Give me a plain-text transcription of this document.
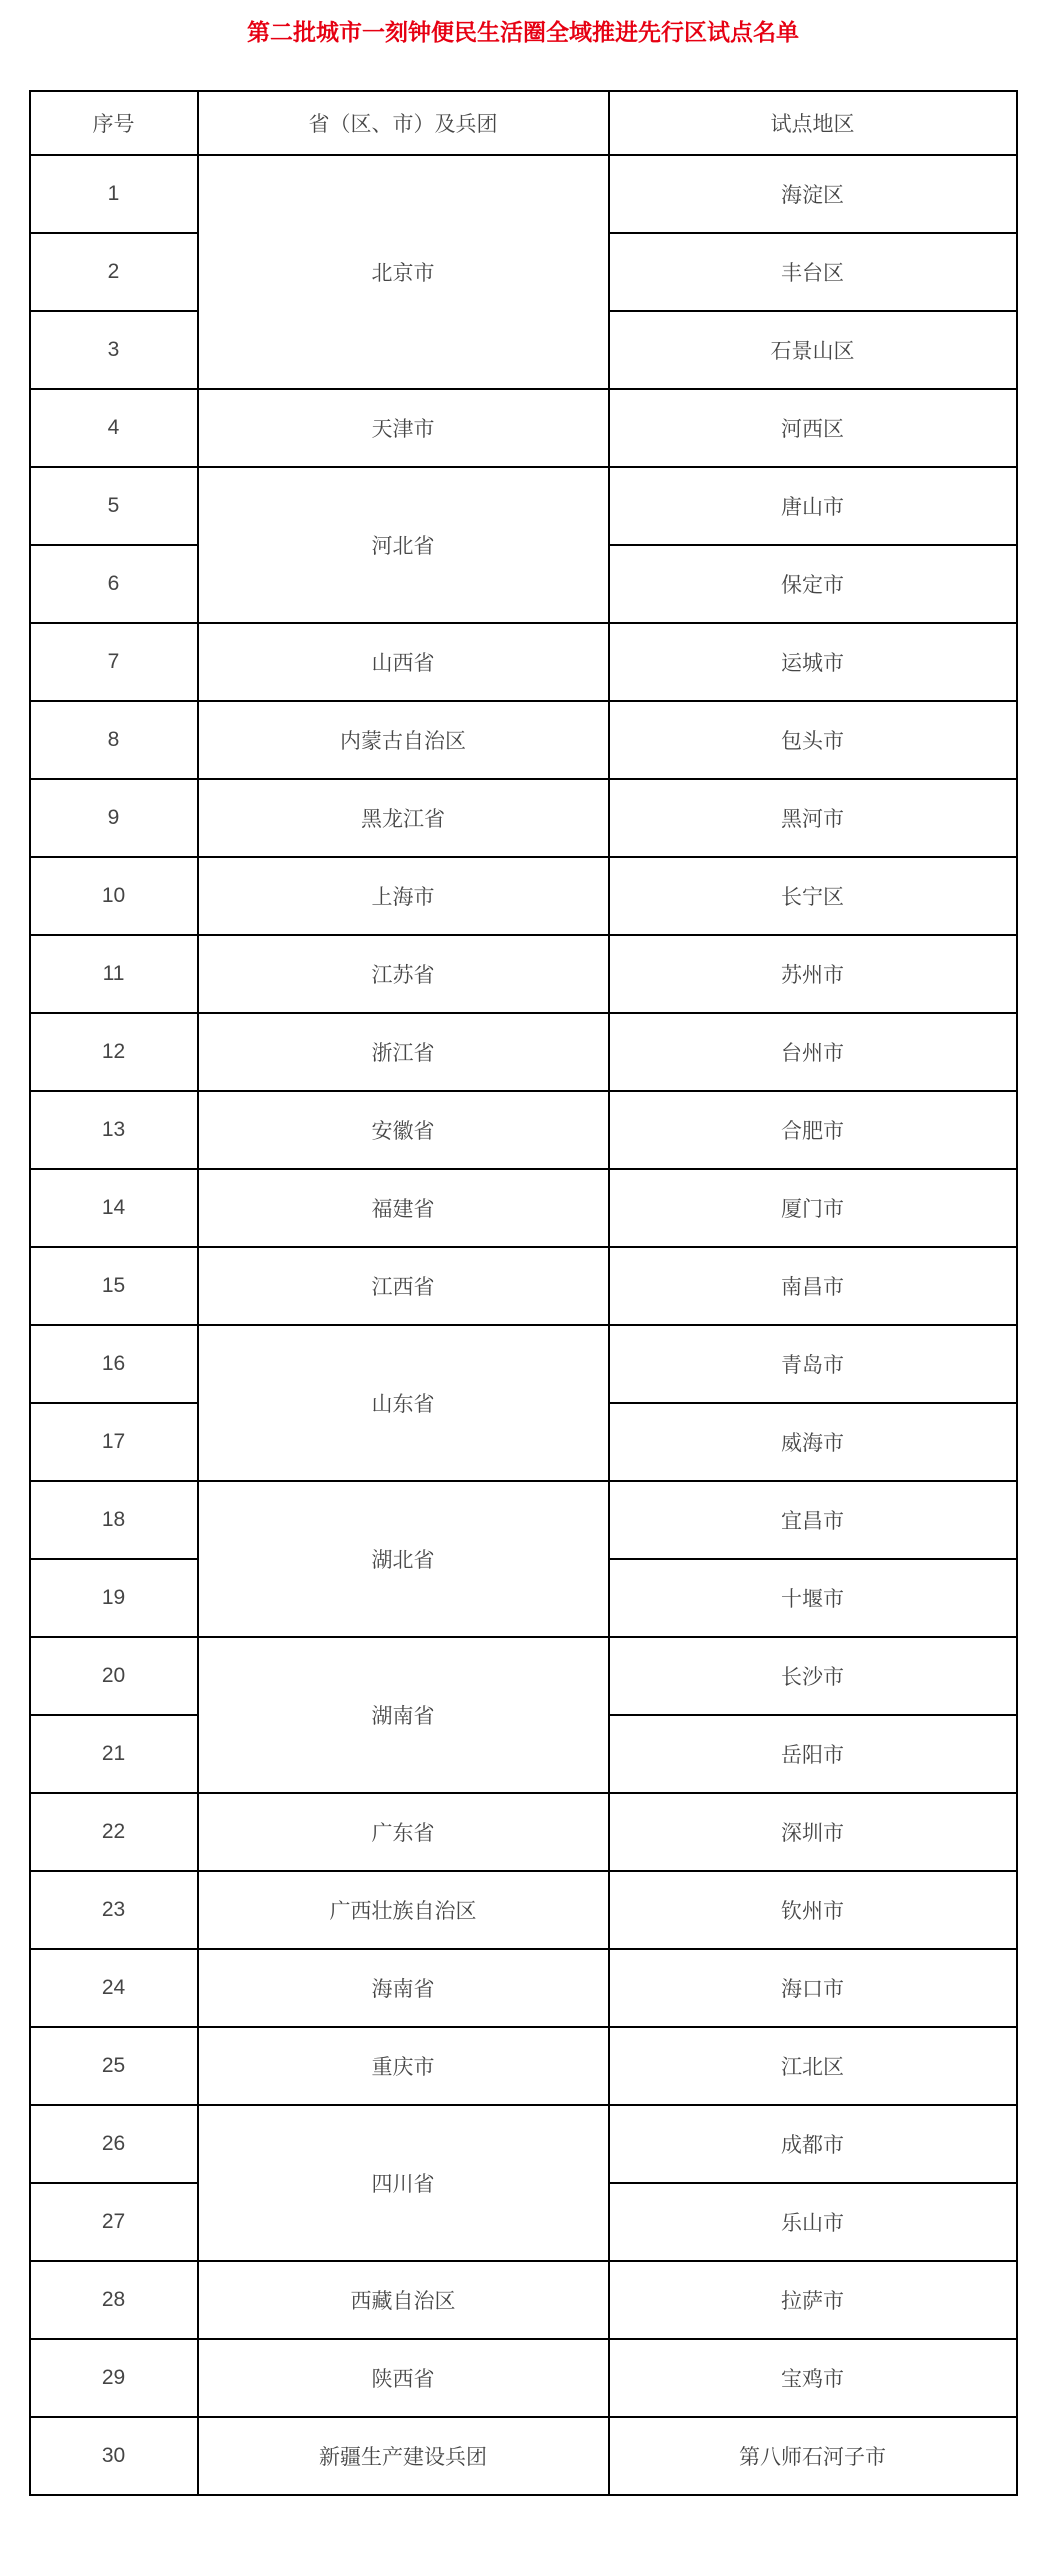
第二批城市一刻钟便民生活圈全域推进先行区试点名单
序号	省（区、市）及兵团	试点地区
1	北京市	海淀区
2		丰台区
3		石景山区
4	天津市	河西区
5	河北省	唐山市
6		保定市
7	山西省	运城市
8	内蒙古自治区	包头市
9	黑龙江省	黑河市
10	上海市	长宁区
11	江苏省	苏州市
12	浙江省	台州市
13	安徽省	合肥市
14	福建省	厦门市
15	江西省	南昌市
16	山东省	青岛市
17		威海市
18	湖北省	宜昌市
19		十堰市
20	湖南省	长沙市
21		岳阳市
22	广东省	深圳市
23	广西壮族自治区	钦州市
24	海南省	海口市
25	重庆市	江北区
26	四川省	成都市
27		乐山市
28	西藏自治区	拉萨市
29	陕西省	宝鸡市
30	新疆生产建设兵团	第八师石河子市
